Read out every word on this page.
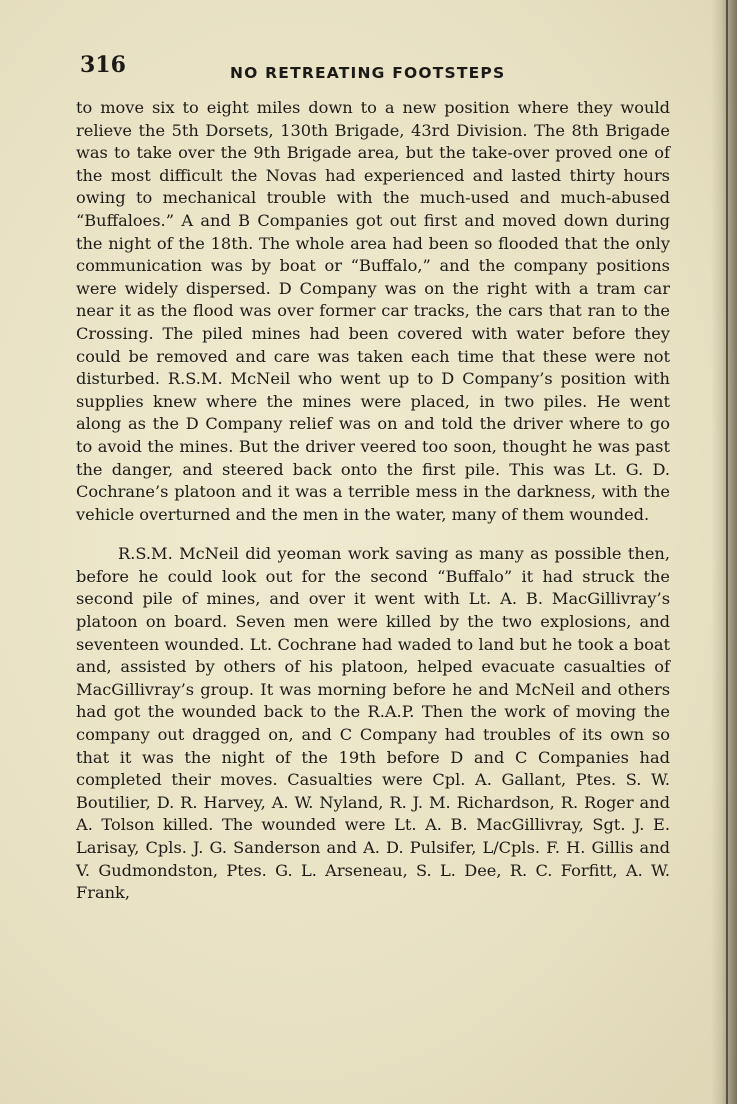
316	NO RETREATING FOOTSTEPS

to move six to eight miles down to a new position where they would relieve the 5th Dorsets, 130th Brigade, 43rd Division. The 8th Brigade was to take over the 9th Brigade area, but the take-over proved one of the most difficult the Novas had experienced and lasted thirty hours owing to mechanical trouble with the much-used and much-abused “Buffaloes.” A and B Companies got out first and moved down during the night of the 18th. The whole area had been so flooded that the only communication was by boat or “Buffalo,” and the company positions were widely dispersed. D Company was on the right with a tram car near it as the flood was over former car tracks, the cars that ran to the Crossing. The piled mines had been covered with water before they could be removed and care was taken each time that these were not disturbed. R.S.M. McNeil who went up to D Company’s position with supplies knew where the mines were placed, in two piles. He went along as the D Company relief was on and told the driver where to go to avoid the mines. But the driver veered too soon, thought he was past the danger, and steered back onto the first pile. This was Lt. G. D. Cochrane’s platoon and it was a terrible mess in the darkness, with the vehicle overturned and the men in the water, many of them wounded.

R.S.M. McNeil did yeoman work saving as many as possible then, before he could look out for the second “Buffalo” it had struck the second pile of mines, and over it went with Lt. A. B. MacGillivray’s platoon on board. Seven men were killed by the two explosions, and seventeen wounded. Lt. Cochrane had waded to land but he took a boat and, assisted by others of his platoon, helped evacuate casualties of MacGillivray’s group. It was morning before he and McNeil and others had got the wounded back to the R.A.P. Then the work of moving the company out dragged on, and C Company had troubles of its own so that it was the night of the 19th before D and C Companies had completed their moves. Casualties were Cpl. A. Gallant, Ptes. S. W. Boutilier, D. R. Harvey, A. W. Nyland, R. J. M. Richardson, R. Roger and A. Tolson killed. The wounded were Lt. A. B. MacGillivray, Sgt. J. E. Larisay, Cpls. J. G. Sanderson and A. D. Pulsifer, L/Cpls. F. H. Gillis and V. Gudmondston, Ptes. G. L. Arseneau, S. L. Dee, R. C. Forfitt, A. W. Frank,
